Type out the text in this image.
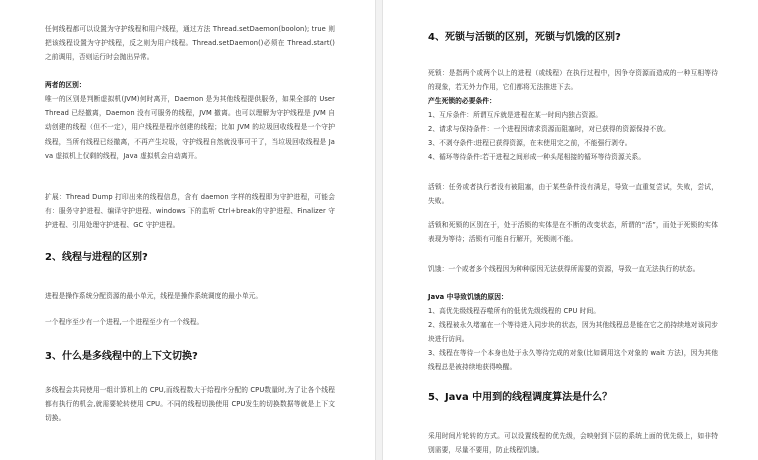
任何线程都可以设置为守护线程和用户线程，通过方法 Thread.setDaemon(boolon); true 则把该线程设置为守护线程，反之则为用户线程。Thread.setDaemon()必须在 Thread.start()之前调用，否则运行时会抛出异常。

两者的区别：

唯一的区别是判断虚拟机(JVM)何时离开，Daemon 是为其他线程提供服务，如果全部的 User Thread 已经撤离，Daemon 没有可服务的线程，JVM 撤离。也可以理解为守护线程是 JVM 自动创建的线程（但不一定），用户线程是程序创建的线程；比如 JVM 的垃圾回收线程是一个守护线程，当所有线程已经撤离，不再产生垃圾，守护线程自然就没事可干了，当垃圾回收线程是 Java 虚拟机上仅剩的线程，Java 虚拟机会自动离开。

扩展：Thread Dump 打印出来的线程信息，含有 daemon 字样的线程即为守护进程，可能会有：服务守护进程、编译守护进程、windows 下的监听 Ctrl+break的守护进程、Finalizer 守护进程、引用处理守护进程、GC 守护进程。

2、线程与进程的区别?

进程是操作系统分配资源的最小单元，线程是操作系统调度的最小单元。

一个程序至少有一个进程,一个进程至少有一个线程。

3、什么是多线程中的上下文切换?

多线程会共同使用一组计算机上的 CPU,而线程数大于给程序分配的 CPU数量时,为了让各个线程都有执行的机会,就需要轮转使用 CPU。不同的线程切换使用 CPU发生的切换数据等就是上下文切换。

4、死锁与活锁的区别，死锁与饥饿的区别?

死锁：是指两个或两个以上的进程（或线程）在执行过程中，因争夺资源而造成的一种互相等待的现象，若无外力作用，它们都将无法推进下去。

产生死锁的必要条件：

1、互斥条件：所谓互斥就是进程在某一时间内独占资源。

2、请求与保持条件：一个进程因请求资源而阻塞时，对已获得的资源保持不放。

3、不剥夺条件:进程已获得资源，在末使用完之前，不能强行剥夺。

4、循环等待条件:若干进程之间形成一种头尾相接的循环等待资源关系。

活锁：任务或者执行者没有被阻塞，由于某些条件没有满足，导致一直重复尝试，失败，尝试，失败。

活锁和死锁的区别在于，处于活锁的实体是在不断的改变状态，所谓的“活”，而处于死锁的实体表现为等待；活锁有可能自行解开，死锁则不能。

饥饿：一个或者多个线程因为种种原因无法获得所需要的资源，导致一直无法执行的状态。

Java 中导致饥饿的原因：

1、高优先级线程吞噬所有的低优先级线程的 CPU 时间。

2、线程被永久堵塞在一个等待进入同步块的状态，因为其他线程总是能在它之前持续地对该同步块进行访问。

3、线程在等待一个本身也处于永久等待完成的对象(比如调用这个对象的 wait 方法)，因为其他线程总是被持续地获得唤醒。

5、Java 中用到的线程调度算法是什么？

采用时间片轮转的方式。可以设置线程的优先级，会映射到下层的系统上面的优先级上，如非特别需要，尽量不要用，防止线程饥饿。
